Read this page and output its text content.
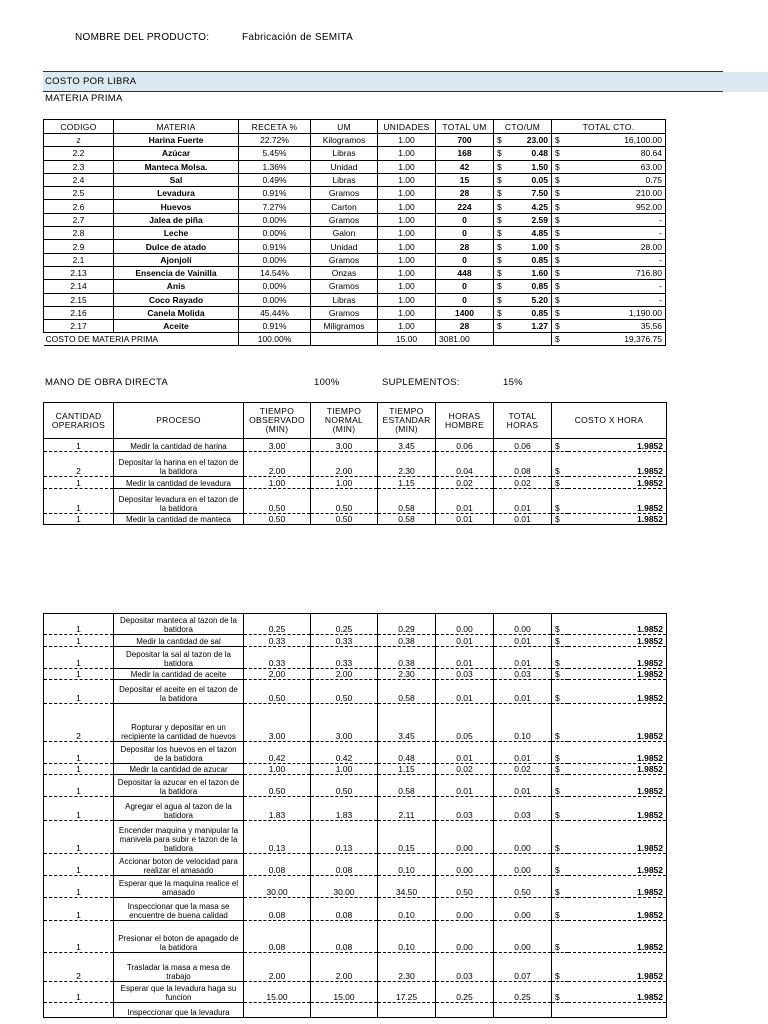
NOMBRE DEL PRODUCTO:	Fabricación de SEMITA
COSTO POR LIBRA
MATERIA PRIMA
CODIGO	MATERIA	RECETA %	UM	UNIDADES	TOTAL UM	CTO/UM		TOTAL CTO.	
z	Harina Fuerte	22.72%	Kilogramos	1.00	700	$	23.00	$	16,100.00
2.2	Azúcar	5.45%	Libras	1.00	168	$	0.48	$	80.64
2.3	Manteca Molsa.	1.36%	Unidad	1.00	42	$	1.50	$	63.00
2.4	Sal	0.49%	Libras	1.00	15	$	0.05	$	0.75
2.5	Levadura	0.91%	Gramos	1.00	28	$	7.50	$	210.00
2.6	Huevos	7.27%	Carton	1.00	224	$	4.25	$	952.00
2.7	Jalea de piña	0.00%	Gramos	1.00	0	$	2.59	$	-
2.8	Leche	0.00%	Galon	1.00	0	$	4.85	$	-
2.9	Dulce de atado	0.91%	Unidad	1.00	28	$	1.00	$	28.00
2.1	Ajonjolí	0.00%	Gramos	1.00	0	$	0.85	$	-
2.13	Ensencia de Vainilla	14.54%	Onzas	1.00	448	$	1.60	$	716.80
2.14	Anis	0.00%	Gramos	1.00	0	$	0.85	$	-
2.15	Coco Rayado	0.00%	Libras	1.00	0	$	5.20	$	-
2.16	Canela Molida	45.44%	Gramos	1.00	1400	$	0.85	$	1,190.00
2.17	Aceite	0.91%	Miligramos	1.00	28	$	1.27	$	35.56
COSTO DE MATERIA PRIMA		100.00%		15.00	3081.00			$	19,376.75
MANO DE OBRA DIRECTA	100%	SUPLEMENTOS:	15%
CANTIDAD OPERARIOS	PROCESO	TIEMPO OBSERVADO (MIN)	TIEMPO NORMAL (MIN)	TIEMPO ESTANDAR (MIN)	HORAS HOMBRE	TOTAL HORAS	COSTO X HORA	
1	Medir la cantidad de harina	3.00	3.00	3.45	0.06	0.06	$	1.9852
2	Depositar la harina en el tazon de la batidora	2.00	2.00	2.30	0.04	0.08	$	1.9852
1	Medir la cantidad de levadura	1.00	1.00	1.15	0.02	0.02	$	1.9852
1	Depositar levadura en el tazon de la batidora	0.50	0.50	0.58	0.01	0.01	$	1.9852
1	Medir la cantidad de manteca	0.50	0.50	0.58	0.01	0.01	$	1.9852
1	Depositar manteca al tazon de la batidora	0.25	0.25	0.29	0.00	0.00	$	1.9852
1	Medir la cantidad de sal	0.33	0.33	0.38	0.01	0.01	$	1.9852
1	Depositar la sal al tazon de la batidora	0.33	0.33	0.38	0.01	0.01	$	1.9852
1	Medir la cantidad de aceite	2.00	2.00	2.30	0.03	0.03	$	1.9852
1	Depositar el aceite en el tazon de la batidora	0.50	0.50	0.58	0.01	0.01	$	1.9852
2	Ropturar y depositar en un recipiente la cantidad de huevos	3.00	3.00	3.45	0.05	0.10	$	1.9852
1	Depositar los huevos en el tazon de la batidora	0.42	0.42	0.48	0.01	0.01	$	1.9852
1	Medir la cantidad de azucar	1.00	1.00	1.15	0.02	0.02	$	1.9852
1	Depositar la azucar en el tazon de la batidora	0.50	0.50	0.58	0.01	0.01	$	1.9852
1	Agregar el agua al tazon de la batidora	1.83	1.83	2.11	0.03	0.03	$	1.9852
1	Encender maquina y manipular la manivela para subir e tazon de la batidora	0.13	0.13	0.15	0.00	0.00	$	1.9852
1	Accionar boton de velocidad para realizar el amasado	0.08	0.08	0.10	0.00	0.00	$	1.9852
1	Esperar que la maquina realice el amasado	30.00	30.00	34.50	0.50	0.50	$	1.9852
1	Inspeccionar que la masa se encuentre de buena calidad	0.08	0.08	0.10	0.00	0.00	$	1.9852
1	Presionar el boton de apagado de la batidora	0.08	0.08	0.10	0.00	0.00	$	1.9852
2	Trasladar la masa a mesa de trabajo	2.00	2.00	2.30	0.03	0.07	$	1.9852
1	Esperar que la levadura haga su funcion	15.00	15.00	17.25	0.25	0.25	$	1.9852
	Inspeccionar que la levadura							
